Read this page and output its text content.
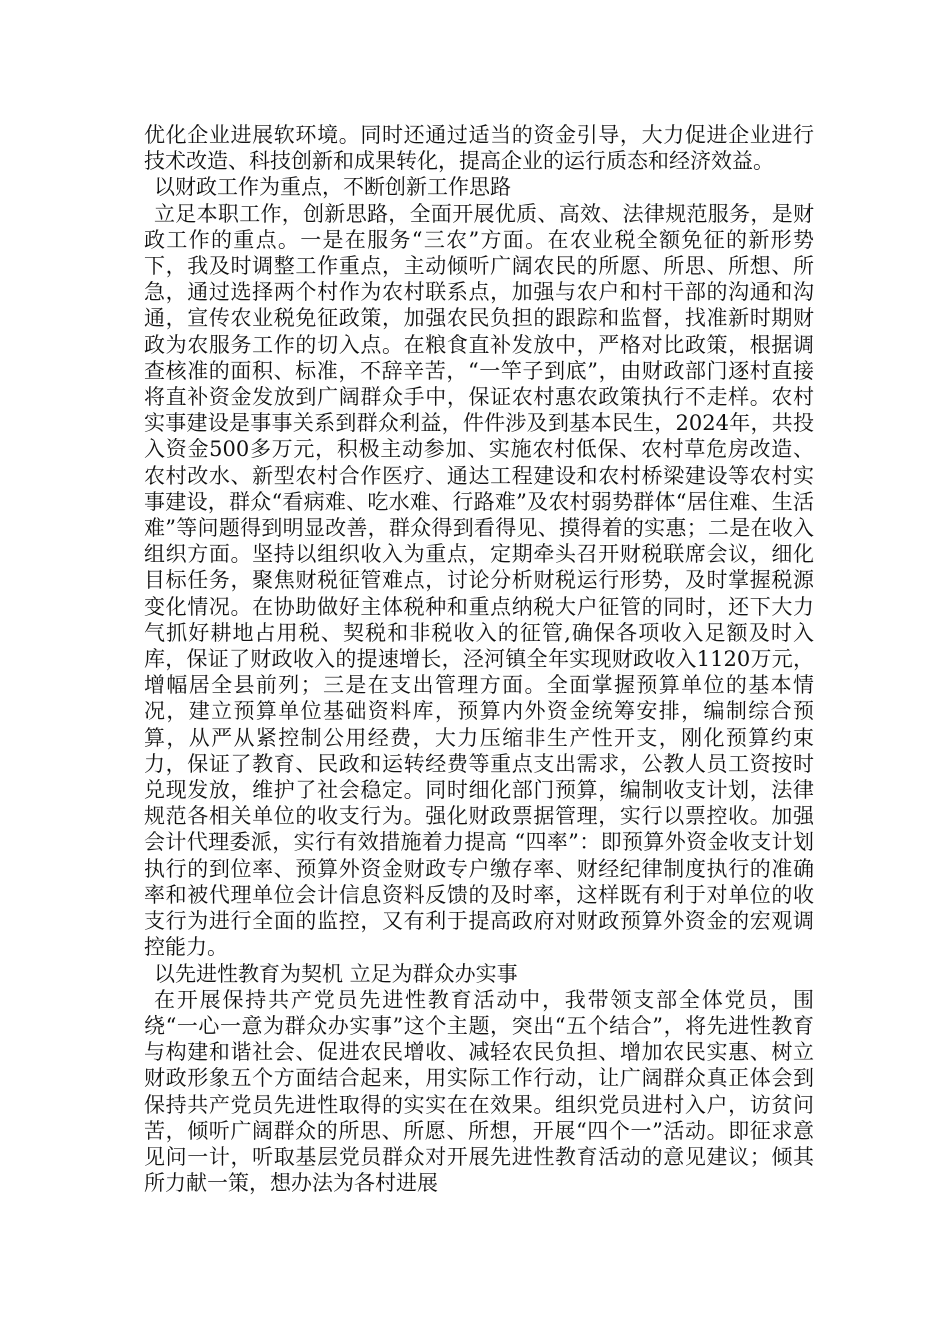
优化企业进展软环境。同时还通过适当的资金引导，大力促进企业进行技术改造、科技创新和成果转化，提高企业的运行质态和经济效益。

以财政工作为重点，不断创新工作思路

立足本职工作，创新思路，全面开展优质、高效、法律规范服务，是财政工作的重点。一是在服务“三农”方面。在农业税全额免征的新形势下，我及时调整工作重点，主动倾听广阔农民的所愿、所思、所想、所急，通过选择两个村作为农村联系点，加强与农户和村干部的沟通和沟通，宣传农业税免征政策，加强农民负担的跟踪和监督，找准新时期财政为农服务工作的切入点。在粮食直补发放中，严格对比政策，根据调查核准的面积、标准，不辞辛苦，“一竿子到底”，由财政部门逐村直接将直补资金发放到广阔群众手中，保证农村惠农政策执行不走样。农村实事建设是事事关系到群众利益，件件涉及到基本民生，2024年，共投入资金500多万元，积极主动参加、实施农村低保、农村草危房改造、农村改水、新型农村合作医疗、通达工程建设和农村桥梁建设等农村实事建设，群众“看病难、吃水难、行路难”及农村弱势群体“居住难、生活难”等问题得到明显改善，群众得到看得见、摸得着的实惠；二是在收入组织方面。坚持以组织收入为重点，定期牵头召开财税联席会议，细化目标任务，聚焦财税征管难点，讨论分析财税运行形势，及时掌握税源变化情况。在协助做好主体税种和重点纳税大户征管的同时，还下大力气抓好耕地占用税、契税和非税收入的征管,确保各项收入足额及时入库，保证了财政收入的提速增长，泾河镇全年实现财政收入1120万元，增幅居全县前列；三是在支出管理方面。全面掌握预算单位的基本情况，建立预算单位基础资料库，预算内外资金统筹安排，编制综合预算，从严从紧控制公用经费，大力压缩非生产性开支，刚化预算约束力，保证了教育、民政和运转经费等重点支出需求，公教人员工资按时兑现发放，维护了社会稳定。同时细化部门预算，编制收支计划，法律规范各相关单位的收支行为。强化财政票据管理，实行以票控收。加强会计代理委派，实行有效措施着力提高 “四率”：即预算外资金收支计划执行的到位率、预算外资金财政专户缴存率、财经纪律制度执行的准确率和被代理单位会计信息资料反馈的及时率，这样既有利于对单位的收支行为进行全面的监控，又有利于提高政府对财政预算外资金的宏观调控能力。

以先进性教育为契机 立足为群众办实事

在开展保持共产党员先进性教育活动中，我带领支部全体党员，围绕“一心一意为群众办实事”这个主题，突出“五个结合”，将先进性教育与构建和谐社会、促进农民增收、减轻农民负担、增加农民实惠、树立财政形象五个方面结合起来，用实际工作行动，让广阔群众真正体会到保持共产党员先进性取得的实实在在效果。组织党员进村入户，访贫问苦，倾听广阔群众的所思、所愿、所想，开展“四个一”活动。即征求意见问一计，听取基层党员群众对开展先进性教育活动的意见建议；倾其所力献一策，想办法为各村进展
